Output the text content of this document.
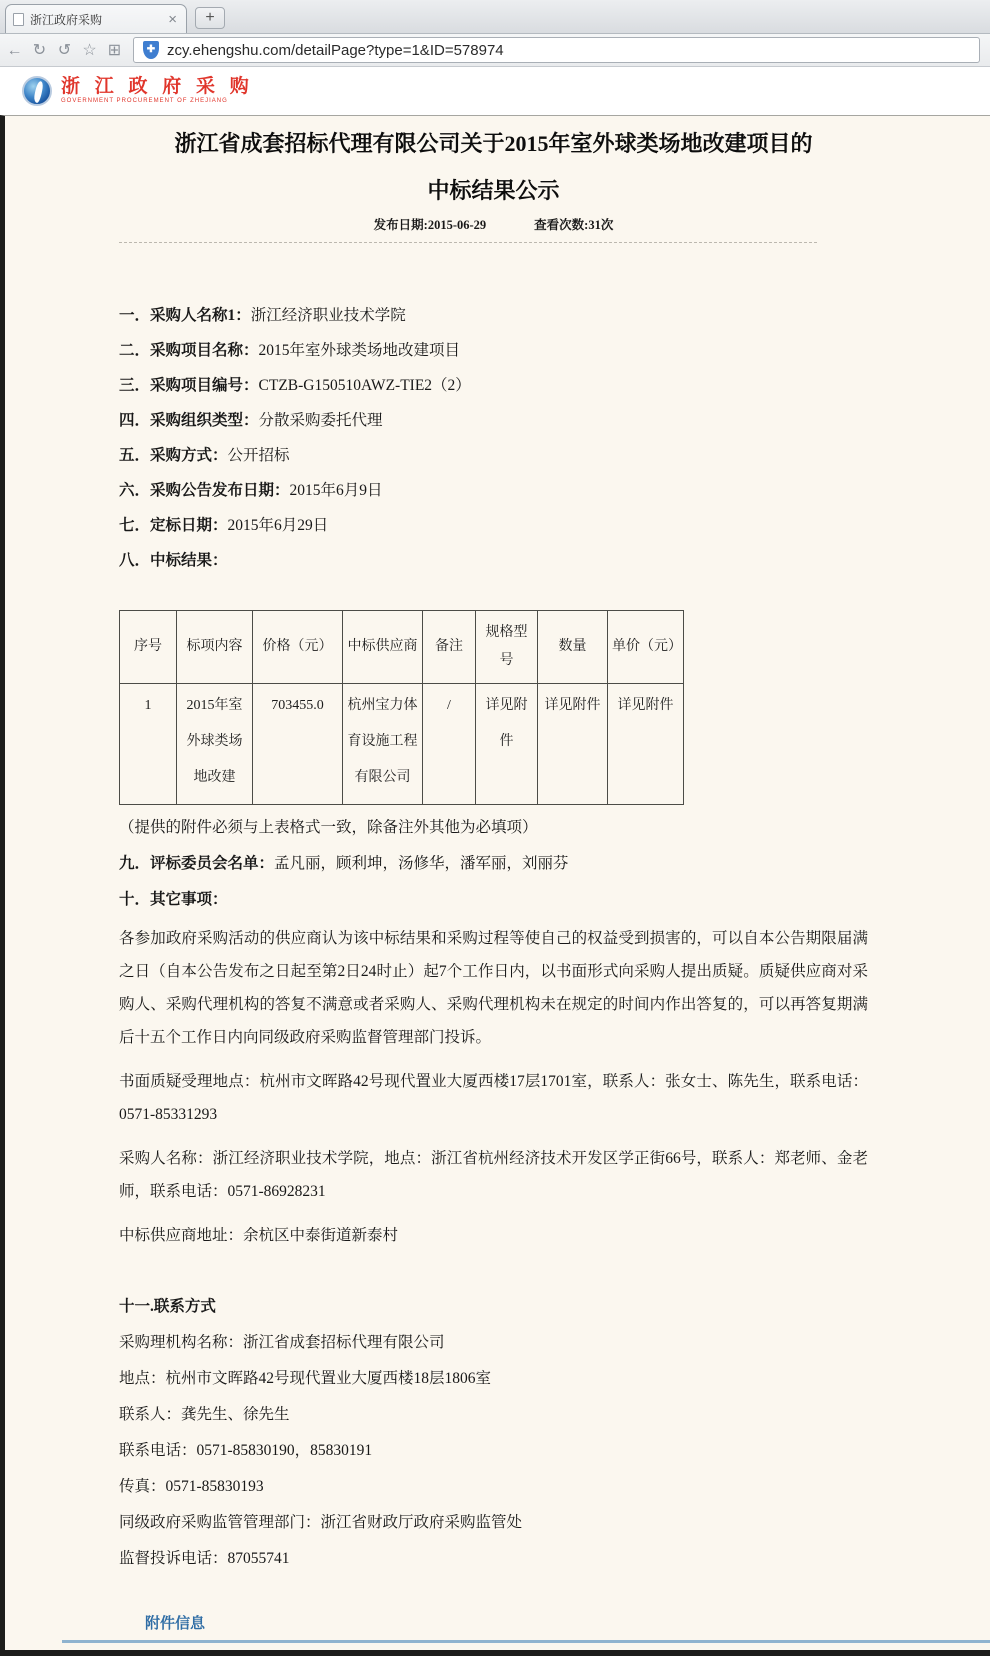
浙江政府采购	×	+
← ↻ ↺ ☆ ⊞	✚ zcy.ehengshu.com/detailPage?type=1&ID=578974
浙 江 政 府 采 购
GOVERNMENT PROCUREMENT OF ZHEJIANG
浙江省成套招标代理有限公司关于2015年室外球类场地改建项目的
中标结果公示
发布日期:2015-06-29	查看次数:31次
一．采购人名称1：浙江经济职业技术学院
二．采购项目名称：2015年室外球类场地改建项目
三．采购项目编号：CTZB-G150510AWZ-TIE2（2）
四．采购组织类型：分散采购委托代理
五．采购方式：公开招标
六．采购公告发布日期：2015年6月9日
七．定标日期：2015年6月29日
八．中标结果：
序号	标项内容	价格（元）	中标供应商	备注	规格型号	数量	单价（元）
1	2015年室外球类场地改建	703455.0	杭州宝力体育设施工程有限公司	/	详见附件	详见附件	详见附件
（提供的附件必须与上表格式一致，除备注外其他为必填项）
九．评标委员会名单：孟凡丽，顾利坤，汤修华，潘军丽，刘丽芬
十．其它事项：

各参加政府采购活动的供应商认为该中标结果和采购过程等使自己的权益受到损害的，可以自本公告期限届满之日（自本公告发布之日起至第2日24时止）起7个工作日内，以书面形式向采购人提出质疑。质疑供应商对采购人、采购代理机构的答复不满意或者采购人、采购代理机构未在规定的时间内作出答复的，可以再答复期满后十五个工作日内向同级政府采购监督管理部门投诉。

书面质疑受理地点：杭州市文晖路42号现代置业大厦西楼17层1701室，联系人：张女士、陈先生，联系电话：0571-85331293

采购人名称：浙江经济职业技术学院，地点：浙江省杭州经济技术开发区学正街66号，联系人：郑老师、金老师，联系电话：0571-86928231

中标供应商地址：余杭区中泰街道新泰村

十一.联系方式
采购理机构名称：浙江省成套招标代理有限公司
地点：杭州市文晖路42号现代置业大厦西楼18层1806室
联系人：龚先生、徐先生
联系电话：0571-85830190，85830191
传真：0571-85830193
同级政府采购监管管理部门：浙江省财政厅政府采购监管处
监督投诉电话：87055741
附件信息
